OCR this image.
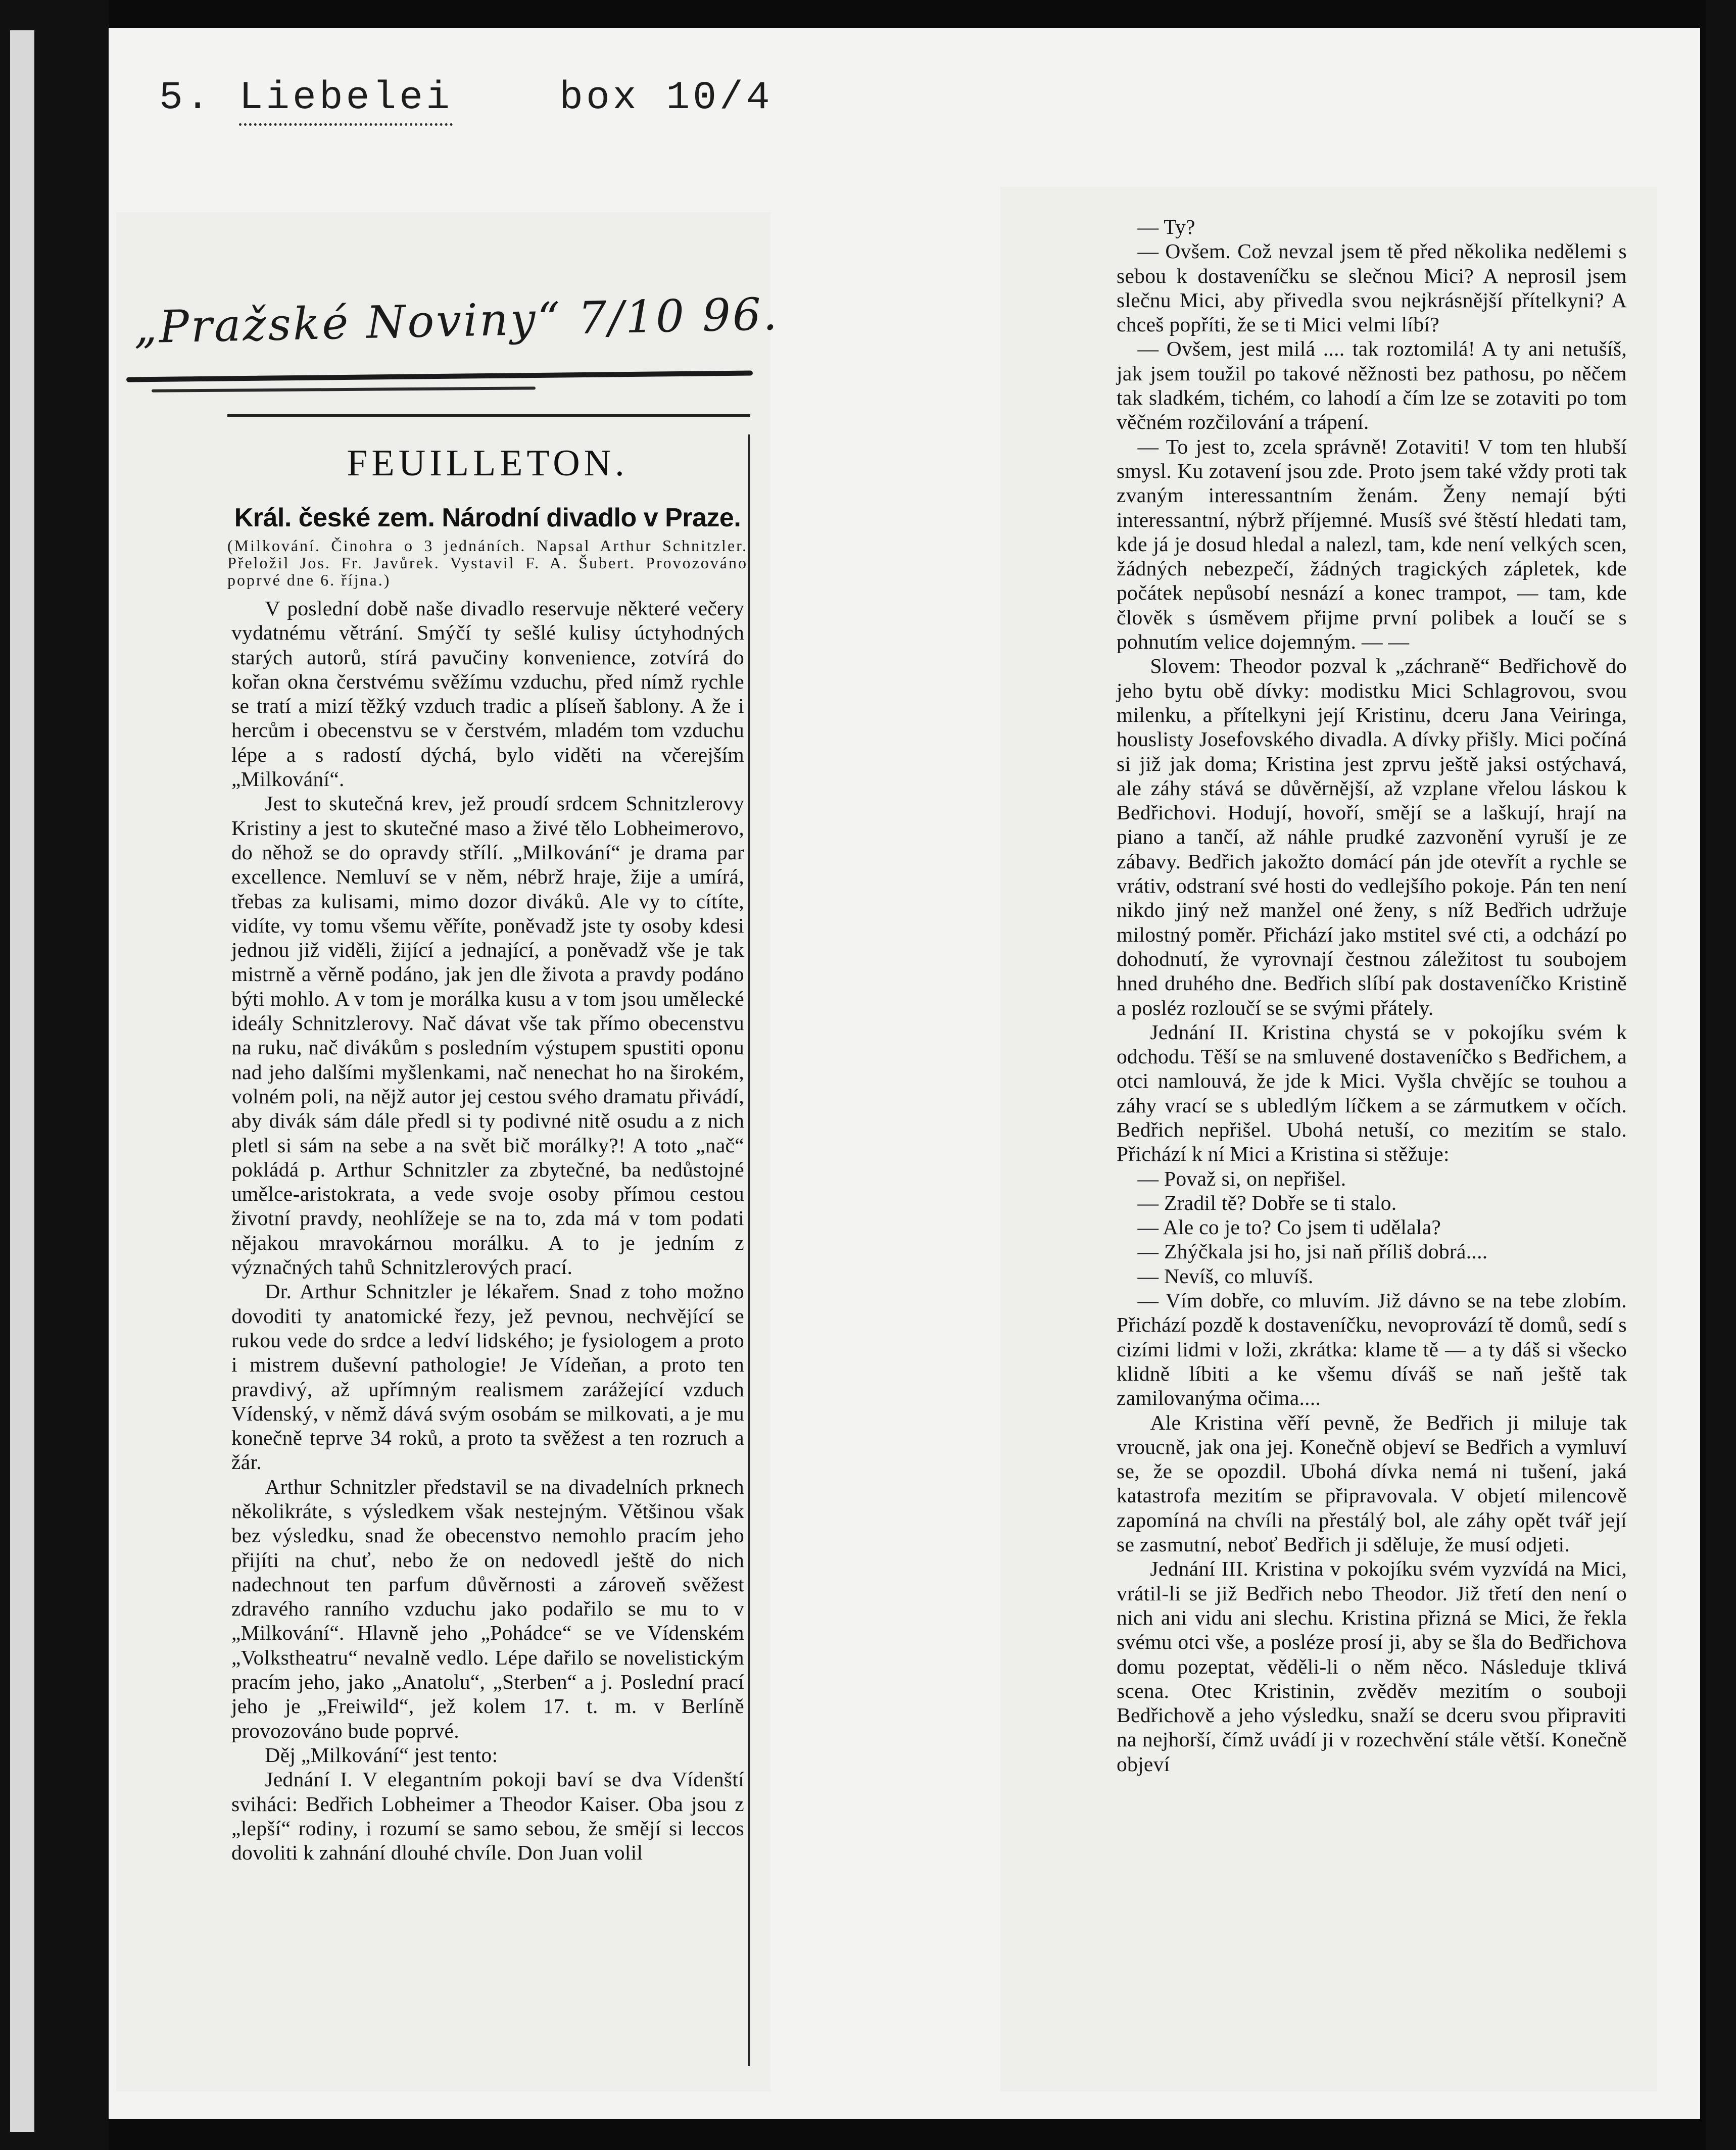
5. Liebelei	box 10/4
„Pražské Noviny“ 7/10 96.
FEUILLETON.
Král. české zem. Národní divadlo v Praze.
(Milkování. Činohra o 3 jednáních. Napsal Arthur Schnitzler. Přeložil Jos. Fr. Javůrek. Vystavil F. A. Šubert. Provozováno poprvé dne 6. října.)

V poslední době naše divadlo reservuje některé večery vydatnému větrání. Smýčí ty sešlé kulisy úctyhodných starých autorů, stírá pavučiny konvenience, zotvírá do kořan okna čerstvému svěžímu vzduchu, před nímž rychle se tratí a mizí těžký vzduch tradic a plíseň šablony. A že i hercům i obecenstvu se v čerstvém, mladém tom vzduchu lépe a s radostí dýchá, bylo viděti na včerejším „Milkování“.

Jest to skutečná krev, jež proudí srdcem Schnitzlerovy Kristiny a jest to skutečné maso a živé tělo Lobheimerovo, do něhož se do opravdy střílí. „Milkování“ je drama par excellence. Nemluví se v něm, nébrž hraje, žije a umírá, třebas za kulisami, mimo dozor diváků. Ale vy to cítíte, vidíte, vy tomu všemu věříte, poněvadž jste ty osoby kdesi jednou již viděli, žijící a jednající, a poněvadž vše je tak mistrně a věrně podáno, jak jen dle života a pravdy podáno býti mohlo. A v tom je morálka kusu a v tom jsou umělecké ideály Schnitzlerovy. Nač dávat vše tak přímo obecenstvu na ruku, nač divákům s posledním výstupem spustiti oponu nad jeho dalšími myšlenkami, nač nenechat ho na širokém, volném poli, na nějž autor jej cestou svého dramatu přivádí, aby divák sám dále předl si ty podivné nitě osudu a z nich pletl si sám na sebe a na svět bič morálky?! A toto „nač“ pokládá p. Arthur Schnitzler za zbytečné, ba nedůstojné umělce-aristokrata, a vede svoje osoby přímou cestou životní pravdy, neohlížeje se na to, zda má v tom podati nějakou mravokárnou morálku. A to je jedním z význačných tahů Schnitzlerových prací.

Dr. Arthur Schnitzler je lékařem. Snad z toho možno dovoditi ty anatomické řezy, jež pevnou, nechvějící se rukou vede do srdce a ledví lidského; je fysiologem a proto i mistrem duševní pathologie! Je Vídeňan, a proto ten pravdivý, až upřímným realismem zarážející vzduch Vídenský, v němž dává svým osobám se milkovati, a je mu konečně teprve 34 roků, a proto ta svěžest a ten rozruch a žár.

Arthur Schnitzler představil se na divadelních prknech několikráte, s výsledkem však nestejným. Většinou však bez výsledku, snad že obecenstvo nemohlo pracím jeho přijíti na chuť, nebo že on nedovedl ještě do nich nadechnout ten parfum důvěrnosti a zároveň svěžest zdravého ranního vzduchu jako podařilo se mu to v „Milkování“. Hlavně jeho „Pohádce“ se ve Vídenském „Volkstheatru“ nevalně vedlo. Lépe dařilo se novelistickým pracím jeho, jako „Anatolu“, „Sterben“ a j. Poslední prací jeho je „Freiwild“, jež kolem 17. t. m. v Berlíně provozováno bude poprvé.

Děj „Milkování“ jest tento:

Jednání I. V elegantním pokoji baví se dva Vídenští sviháci: Bedřich Lobheimer a Theodor Kaiser. Oba jsou z „lepší“ rodiny, i rozumí se samo sebou, že smějí si leccos dovoliti k zahnání dlouhé chvíle. Don Juan volil

— Ty?

— Ovšem. Což nevzal jsem tě před několika nedělemi s sebou k dostaveníčku se slečnou Mici? A neprosil jsem slečnu Mici, aby přivedla svou nejkrásnější přítelkyni? A chceš popříti, že se ti Mici velmi líbí?

— Ovšem, jest milá .... tak roztomilá! A ty ani netušíš, jak jsem toužil po takové něžnosti bez pathosu, po něčem tak sladkém, tichém, co lahodí a čím lze se zotaviti po tom věčném rozčilování a trápení.

— To jest to, zcela správně! Zotaviti! V tom ten hlubší smysl. Ku zotavení jsou zde. Proto jsem také vždy proti tak zvaným interessantním ženám. Ženy nemají býti interessantní, nýbrž příjemné. Musíš své štěstí hledati tam, kde já je dosud hledal a nalezl, tam, kde není velkých scen, žádných nebezpečí, žádných tragických zápletek, kde počátek nepůsobí nesnází a konec trampot, — tam, kde člověk s úsměvem přijme první polibek a loučí se s pohnutím velice dojemným. — —

Slovem: Theodor pozval k „záchraně“ Bedřichově do jeho bytu obě dívky: modistku Mici Schlagrovou, svou milenku, a přítelkyni její Kristinu, dceru Jana Veiringa, houslisty Josefovského divadla. A dívky přišly. Mici počíná si již jak doma; Kristina jest zprvu ještě jaksi ostýchavá, ale záhy stává se důvěrnější, až vzplane vřelou láskou k Bedřichovi. Hodují, hovoří, smějí se a laškují, hrají na piano a tančí, až náhle prudké zazvonění vyruší je ze zábavy. Bedřich jakožto domácí pán jde otevřít a rychle se vrátiv, odstraní své hosti do vedlejšího pokoje. Pán ten není nikdo jiný než manžel oné ženy, s níž Bedřich udržuje milostný poměr. Přichází jako mstitel své cti, a odchází po dohodnutí, že vyrovnají čestnou záležitost tu soubojem hned druhého dne. Bedřich slíbí pak dostaveníčko Kristině a posléz rozloučí se se svými přátely.

Jednání II. Kristina chystá se v pokojíku svém k odchodu. Těší se na smluvené dostaveníčko s Bedřichem, a otci namlouvá, že jde k Mici. Vyšla chvějíc se touhou a záhy vrací se s ubledlým líčkem a se zármutkem v očích. Bedřich nepřišel. Ubohá netuší, co mezitím se stalo. Přichází k ní Mici a Kristina si stěžuje:

— Považ si, on nepřišel.

— Zradil tě? Dobře se ti stalo.

— Ale co je to? Co jsem ti udělala?

— Zhýčkala jsi ho, jsi naň příliš dobrá....

— Nevíš, co mluvíš.

— Vím dobře, co mluvím. Již dávno se na tebe zlobím. Přichází pozdě k dostaveníčku, nevoprovází tě domů, sedí s cizími lidmi v loži, zkrátka: klame tě — a ty dáš si všecko klidně líbiti a ke všemu díváš se naň ještě tak zamilovanýma očima....

Ale Kristina věří pevně, že Bedřich ji miluje tak vroucně, jak ona jej. Konečně objeví se Bedřich a vymluví se, že se opozdil. Ubohá dívka nemá ni tušení, jaká katastrofa mezitím se připravovala. V objetí milencově zapomíná na chvíli na přestálý bol, ale záhy opět tvář její se zasmutní, neboť Bedřich ji sděluje, že musí odjeti.

Jednání III. Kristina v pokojíku svém vyzvídá na Mici, vrátil-li se již Bedřich nebo Theodor. Již třetí den není o nich ani vidu ani slechu. Kristina přizná se Mici, že řekla svému otci vše, a posléze prosí ji, aby se šla do Bedřichova domu pozeptat, věděli-li o něm něco. Následuje tklivá scena. Otec Kristinin, zvěděv mezitím o souboji Bedřichově a jeho výsledku, snaží se dceru svou připraviti na nejhorší, čímž uvádí ji v rozechvění stále větší. Konečně objeví
